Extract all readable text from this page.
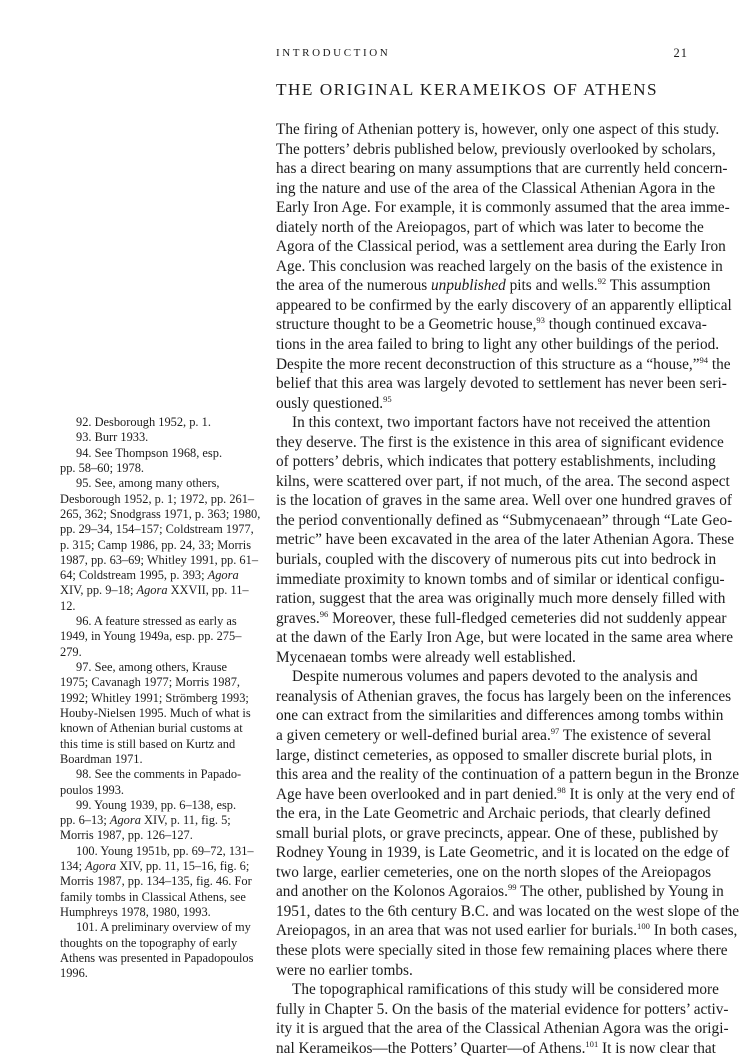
INTRODUCTION	21
THE ORIGINAL KERAMEIKOS OF ATHENS
The firing of Athenian pottery is, however, only one aspect of this study.
The potters’ debris published below, previously overlooked by scholars,
has a direct bearing on many assumptions that are currently held concern-
ing the nature and use of the area of the Classical Athenian Agora in the
Early Iron Age. For example, it is commonly assumed that the area imme-
diately north of the Areiopagos, part of which was later to become the
Agora of the Classical period, was a settlement area during the Early Iron
Age. This conclusion was reached largely on the basis of the existence in
the area of the numerous unpublished pits and wells.$^{92}$ This assumption
appeared to be confirmed by the early discovery of an apparently elliptical
structure thought to be a Geometric house,$^{93}$ though continued excava-
tions in the area failed to bring to light any other buildings of the period.
Despite the more recent deconstruction of this structure as a “house,”$^{94}$ the
belief that this area was largely devoted to settlement has never been seri-
ously questioned.$^{95}$
In this context, two important factors have not received the attention
they deserve. The first is the existence in this area of significant evidence
of potters’ debris, which indicates that pottery establishments, including
kilns, were scattered over part, if not much, of the area. The second aspect
is the location of graves in the same area. Well over one hundred graves of
the period conventionally defined as “Submycenaean” through “Late Geo-
metric” have been excavated in the area of the later Athenian Agora. These
burials, coupled with the discovery of numerous pits cut into bedrock in
immediate proximity to known tombs and of similar or identical configu-
ration, suggest that the area was originally much more densely filled with
graves.$^{96}$ Moreover, these full-fledged cemeteries did not suddenly appear
at the dawn of the Early Iron Age, but were located in the same area where
Mycenaean tombs were already well established.
Despite numerous volumes and papers devoted to the analysis and
reanalysis of Athenian graves, the focus has largely been on the inferences
one can extract from the similarities and differences among tombs within
a given cemetery or well-defined burial area.$^{97}$ The existence of several
large, distinct cemeteries, as opposed to smaller discrete burial plots, in
this area and the reality of the continuation of a pattern begun in the Bronze
Age have been overlooked and in part denied.$^{98}$ It is only at the very end of
the era, in the Late Geometric and Archaic periods, that clearly defined
small burial plots, or grave precincts, appear. One of these, published by
Rodney Young in 1939, is Late Geometric, and it is located on the edge of
two large, earlier cemeteries, one on the north slopes of the Areiopagos
and another on the Kolonos Agoraios.$^{99}$ The other, published by Young in
1951, dates to the 6th century B.C. and was located on the west slope of the
Areiopagos, in an area that was not used earlier for burials.$^{100}$ In both cases,
these plots were specially sited in those few remaining places where there
were no earlier tombs.
The topographical ramifications of this study will be considered more
fully in Chapter 5. On the basis of the material evidence for potters’ activ-
ity it is argued that the area of the Classical Athenian Agora was the origi-
nal Kerameikos—the Potters’ Quarter—of Athens.$^{101}$ It is now clear that
92. Desborough 1952, p. 1.
93. Burr 1933.
94. See Thompson 1968, esp.
pp. 58–60; 1978.
95. See, among many others,
Desborough 1952, p. 1; 1972, pp. 261–
265, 362; Snodgrass 1971, p. 363; 1980,
pp. 29–34, 154–157; Coldstream 1977,
p. 315; Camp 1986, pp. 24, 33; Morris
1987, pp. 63–69; Whitley 1991, pp. 61–
64; Coldstream 1995, p. 393; Agora
XIV, pp. 9–18; Agora XXVII, pp. 11–
12.
96. A feature stressed as early as
1949, in Young 1949a, esp. pp. 275–
279.
97. See, among others, Krause
1975; Cavanagh 1977; Morris 1987,
1992; Whitley 1991; Strömberg 1993;
Houby-Nielsen 1995. Much of what is
known of Athenian burial customs at
this time is still based on Kurtz and
Boardman 1971.
98. See the comments in Papado-
poulos 1993.
99. Young 1939, pp. 6–138, esp.
pp. 6–13; Agora XIV, p. 11, fig. 5;
Morris 1987, pp. 126–127.
100. Young 1951b, pp. 69–72, 131–
134; Agora XIV, pp. 11, 15–16, fig. 6;
Morris 1987, pp. 134–135, fig. 46. For
family tombs in Classical Athens, see
Humphreys 1978, 1980, 1993.
101. A preliminary overview of my
thoughts on the topography of early
Athens was presented in Papadopoulos
1996.
